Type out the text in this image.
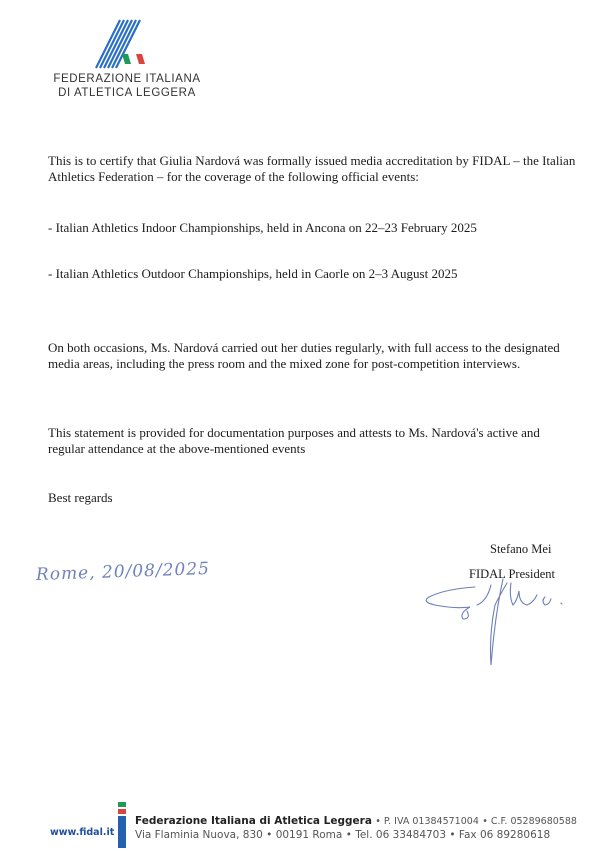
FEDERAZIONE ITALIANA
DI ATLETICA LEGGERA
This is to certify that Giulia Nardová was formally issued media accreditation by FIDAL – the Italian
Athletics Federation – for the coverage of the following official events:
- Italian Athletics Indoor Championships, held in Ancona on 22–23 February 2025
- Italian Athletics Outdoor Championships, held in Caorle on 2–3 August 2025
On both occasions, Ms. Nardová carried out her duties regularly, with full access to the designated
media areas, including the press room and the mixed zone for post-competition interviews.
This statement is provided for documentation purposes and attests to Ms. Nardová's active and
regular attendance at the above-mentioned events
Best regards
Rome, 20/08/2025
Stefano Mei
FIDAL President
www.fidal.it
Federazione Italiana di Atletica Leggera • P. IVA 01384571004 • C.F. 05289680588
Via Flaminia Nuova, 830 • 00191 Roma • Tel. 06 33484703 • Fax 06 89280618
